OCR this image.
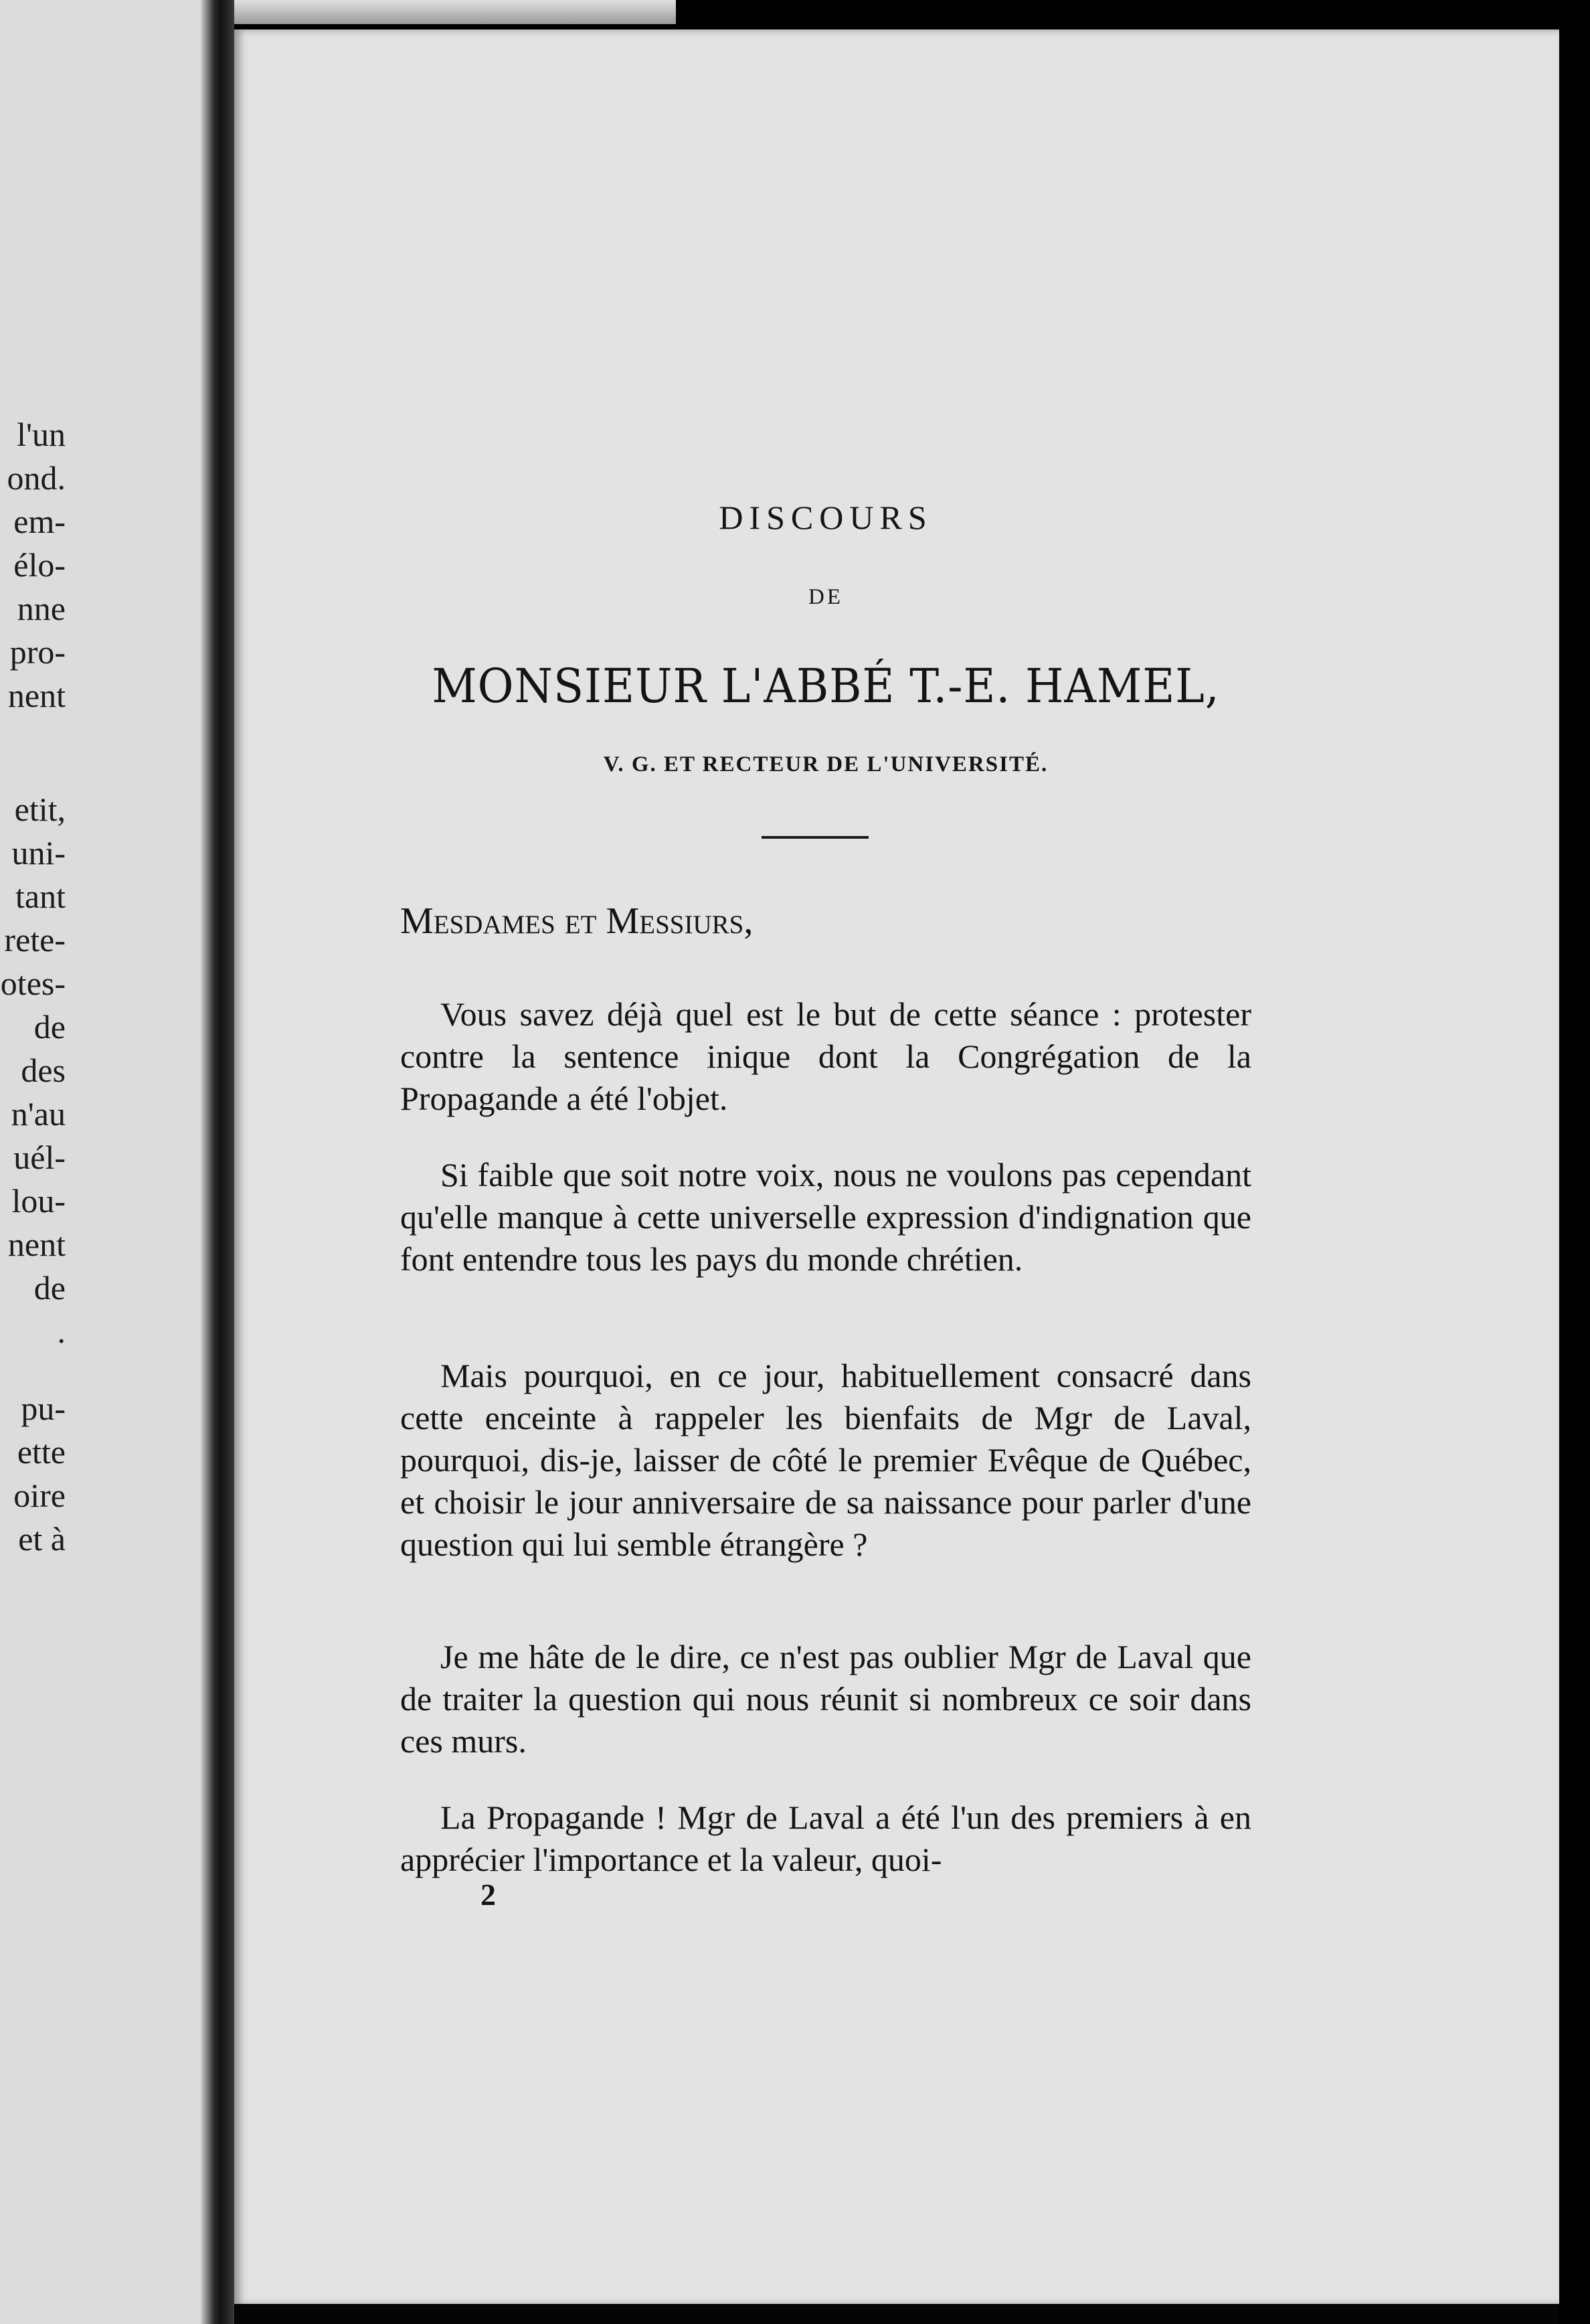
l'un
ond.
em-
élo-
nne
pro-
nent
etit,
uni-
tant
rete-
otes-
de
des
n'au
uél-
lou-
nent
de
.
pu-
ette
oire
et à
DISCOURS
DE
MONSIEUR L'ABBÉ T.-E. HAMEL,
V. G. ET RECTEUR DE L'UNIVERSITÉ.
Mesdames et Messiurs,

Vous savez déjà quel est le but de cette séance : protester contre la sentence inique dont la Congrégation de la Propagande a été l'objet.

Si faible que soit notre voix, nous ne voulons pas cependant qu'elle manque à cette universelle expression d'indignation que font entendre tous les pays du monde chrétien.

Mais pourquoi, en ce jour, habituellement consacré dans cette enceinte à rappeler les bienfaits de Mgr de Laval, pourquoi, dis-je, laisser de côté le premier Evêque de Québec, et choisir le jour anniversaire de sa naissance pour parler d'une question qui lui semble étrangère ?

Je me hâte de le dire, ce n'est pas oublier Mgr de Laval que de traiter la question qui nous réunit si nombreux ce soir dans ces murs.

La Propagande ! Mgr de Laval a été l'un des premiers à en apprécier l'importance et la valeur, quoi-

2
